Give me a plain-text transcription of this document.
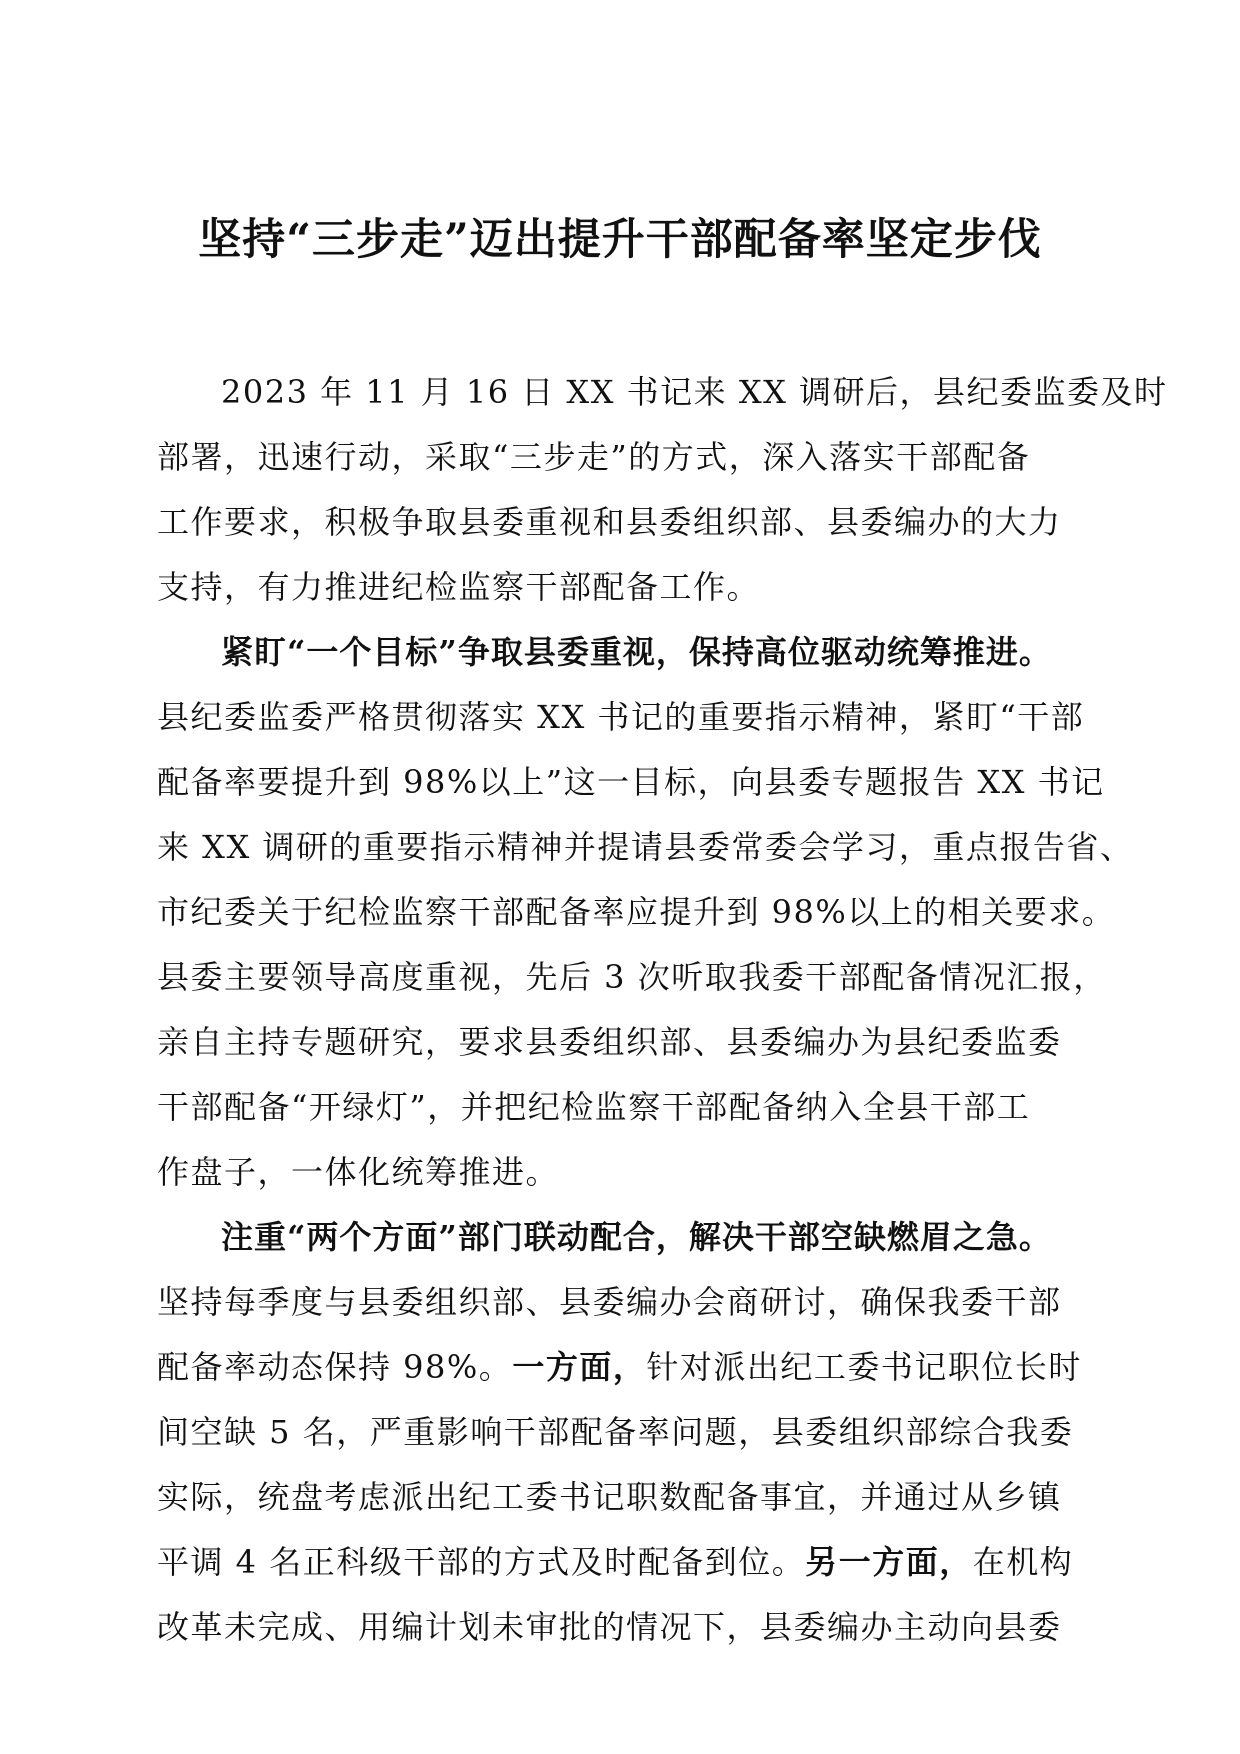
坚持“三步走”迈出提升干部配备率坚定步伐
2023 年 11 月 16 日 XX 书记来 XX 调研后，县纪委监委及时
部署，迅速行动，采取“三步走”的方式，深入落实干部配备
工作要求，积极争取县委重视和县委组织部、县委编办的大力
支持，有力推进纪检监察干部配备工作。
紧盯“一个目标”争取县委重视，保持高位驱动统筹推进。
县纪委监委严格贯彻落实 XX 书记的重要指示精神，紧盯“干部
配备率要提升到 98%以上”这一目标，向县委专题报告 XX 书记
来 XX 调研的重要指示精神并提请县委常委会学习，重点报告省、
市纪委关于纪检监察干部配备率应提升到 98%以上的相关要求。
县委主要领导高度重视，先后 3 次听取我委干部配备情况汇报，
亲自主持专题研究，要求县委组织部、县委编办为县纪委监委
干部配备“开绿灯”，并把纪检监察干部配备纳入全县干部工
作盘子，一体化统筹推进。
注重“两个方面”部门联动配合，解决干部空缺燃眉之急。
坚持每季度与县委组织部、县委编办会商研讨，确保我委干部
配备率动态保持 98%。一方面，针对派出纪工委书记职位长时
间空缺 5 名，严重影响干部配备率问题，县委组织部综合我委
实际，统盘考虑派出纪工委书记职数配备事宜，并通过从乡镇
平调 4 名正科级干部的方式及时配备到位。另一方面，在机构
改革未完成、用编计划未审批的情况下，县委编办主动向县委
